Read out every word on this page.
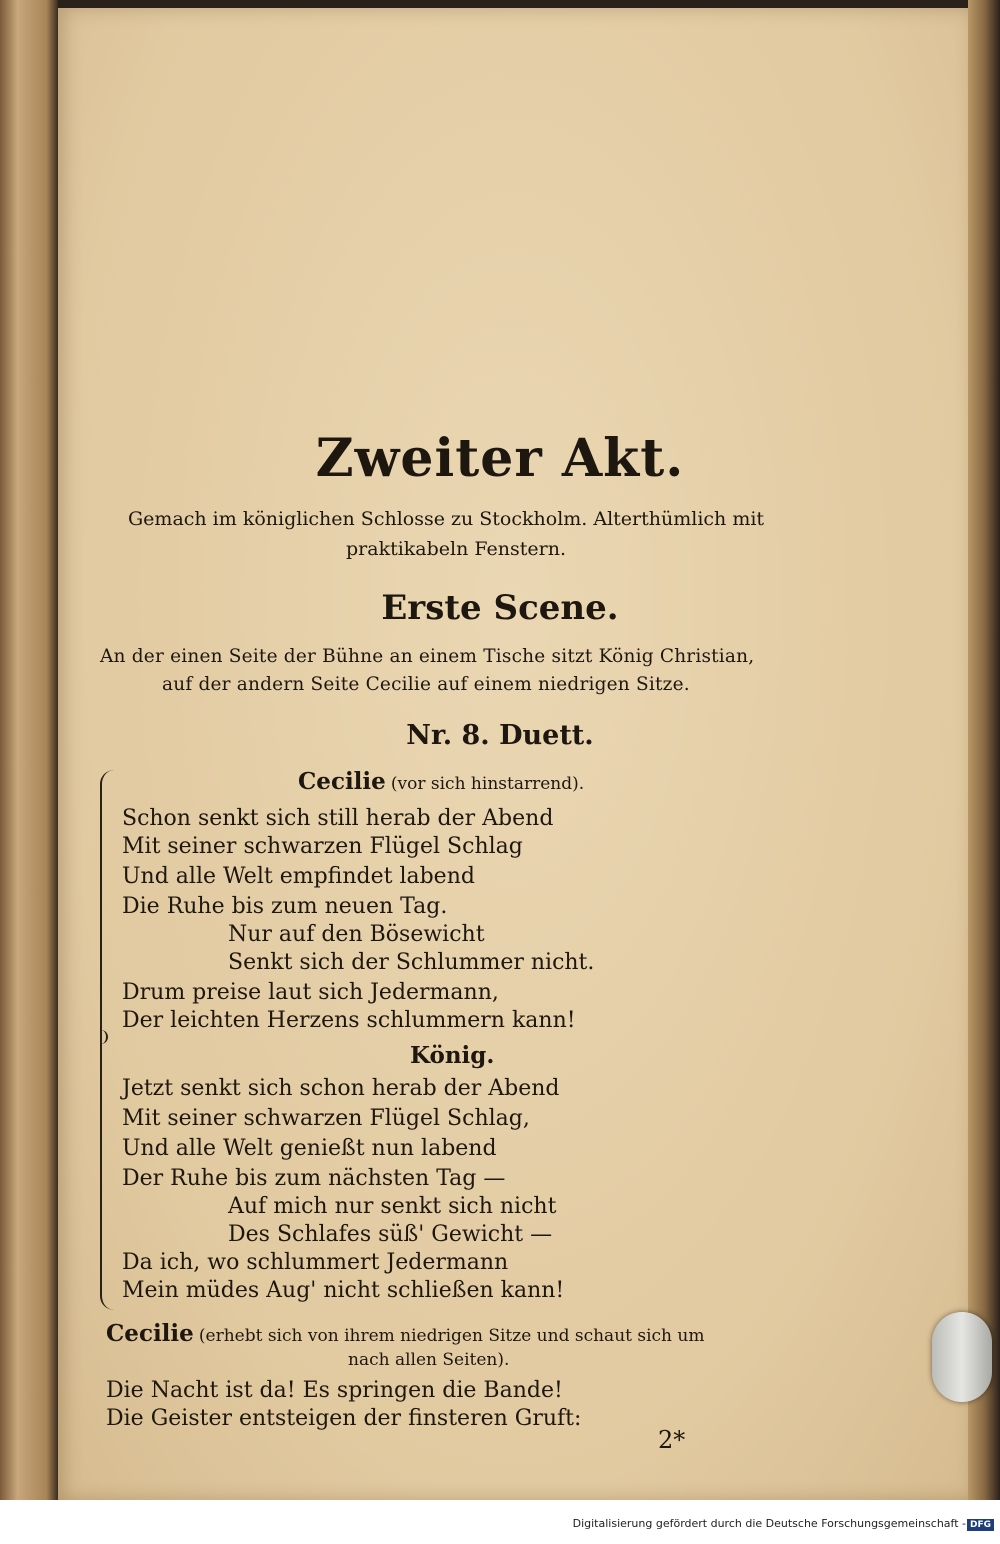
Zweiter Akt.
Gemach im königlichen Schlosse zu Stockholm. Alterthümlich mit
praktikabeln Fenstern.
Erste Scene.
An der einen Seite der Bühne an einem Tische sitzt König Christian,
auf der andern Seite Cecilie auf einem niedrigen Sitze.
Nr. 8. Duett.
Cecilie (vor sich hinstarrend).
Schon senkt sich still herab der Abend
Mit seiner schwarzen Flügel Schlag
Und alle Welt empfindet labend
Die Ruhe bis zum neuen Tag.
Nur auf den Bösewicht
Senkt sich der Schlummer nicht.
Drum preise laut sich Jedermann,
Der leichten Herzens schlummern kann!
König.
Jetzt senkt sich schon herab der Abend
Mit seiner schwarzen Flügel Schlag,
Und alle Welt genießt nun labend
Der Ruhe bis zum nächsten Tag —
Auf mich nur senkt sich nicht
Des Schlafes süß' Gewicht —
Da ich, wo schlummert Jedermann
Mein müdes Aug' nicht schließen kann!
Cecilie (erhebt sich von ihrem niedrigen Sitze und schaut sich um
nach allen Seiten).
Die Nacht ist da! Es springen die Bande!
Die Geister entsteigen der finsteren Gruft:
2*
Digitalisierung gefördert durch die Deutsche Forschungsgemeinschaft - DFG
